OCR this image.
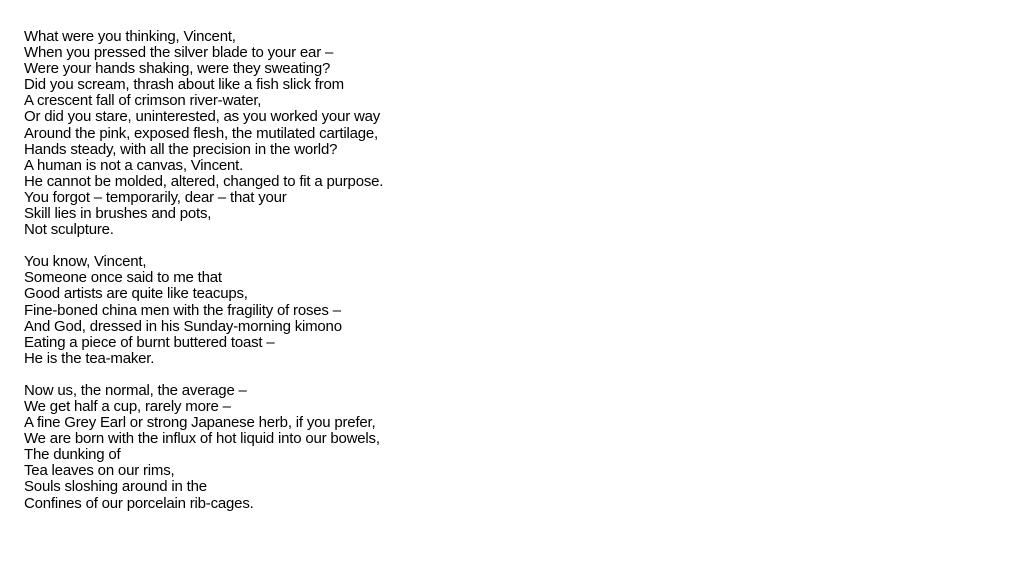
What were you thinking, Vincent,
When you pressed the silver blade to your ear –
Were your hands shaking, were they sweating?
Did you scream, thrash about like a fish slick from
A crescent fall of crimson river-water,
Or did you stare, uninterested, as you worked your way
Around the pink, exposed flesh, the mutilated cartilage,
Hands steady, with all the precision in the world?
A human is not a canvas, Vincent.
He cannot be molded, altered, changed to fit a purpose.
You forgot – temporarily, dear – that your
Skill lies in brushes and pots,
Not sculpture.
You know, Vincent,
Someone once said to me that
Good artists are quite like teacups,
Fine-boned china men with the fragility of roses –
And God, dressed in his Sunday-morning kimono
Eating a piece of burnt buttered toast –
He is the tea-maker.
Now us, the normal, the average –
We get half a cup, rarely more –
A fine Grey Earl or strong Japanese herb, if you prefer,
We are born with the influx of hot liquid into our bowels,
The dunking of
Tea leaves on our rims,
Souls sloshing around in the
Confines of our porcelain rib-cages.
